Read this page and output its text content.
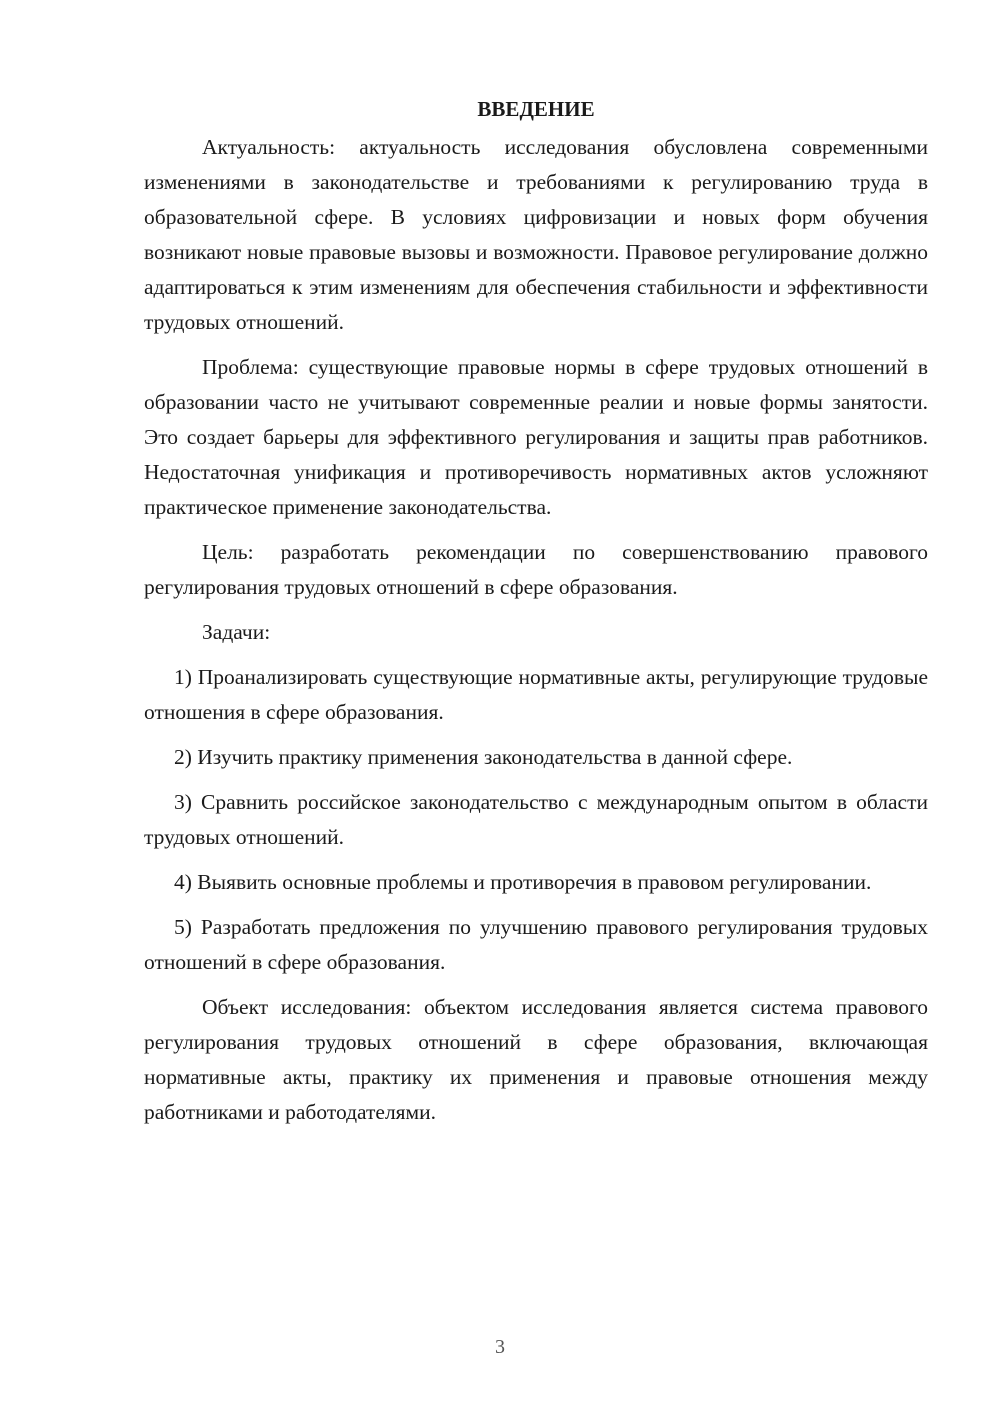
ВВЕДЕНИЕ

Актуальность: актуальность исследования обусловлена современными изменениями в законодательстве и требованиями к регулированию труда в образовательной сфере. В условиях цифровизации и новых форм обучения возникают новые правовые вызовы и возможности. Правовое регулирование должно адаптироваться к этим изменениям для обеспечения стабильности и эффективности трудовых отношений.

Проблема: существующие правовые нормы в сфере трудовых отношений в образовании часто не учитывают современные реалии и новые формы занятости. Это создает барьеры для эффективного регулирования и защиты прав работников. Недостаточная унификация и противоречивость нормативных актов усложняют практическое применение законодательства.

Цель: разработать рекомендации по совершенствованию правового регулирования трудовых отношений в сфере образования.

Задачи:

1) Проанализировать существующие нормативные акты, регулирующие трудовые отношения в сфере образования.

2) Изучить практику применения законодательства в данной сфере.

3) Сравнить российское законодательство с международным опытом в области трудовых отношений.

4) Выявить основные проблемы и противоречия в правовом регулировании.

5) Разработать предложения по улучшению правового регулирования трудовых отношений в сфере образования.

Объект исследования: объектом исследования является система правового регулирования трудовых отношений в сфере образования, включающая нормативные акты, практику их применения и правовые отношения между работниками и работодателями.

3
